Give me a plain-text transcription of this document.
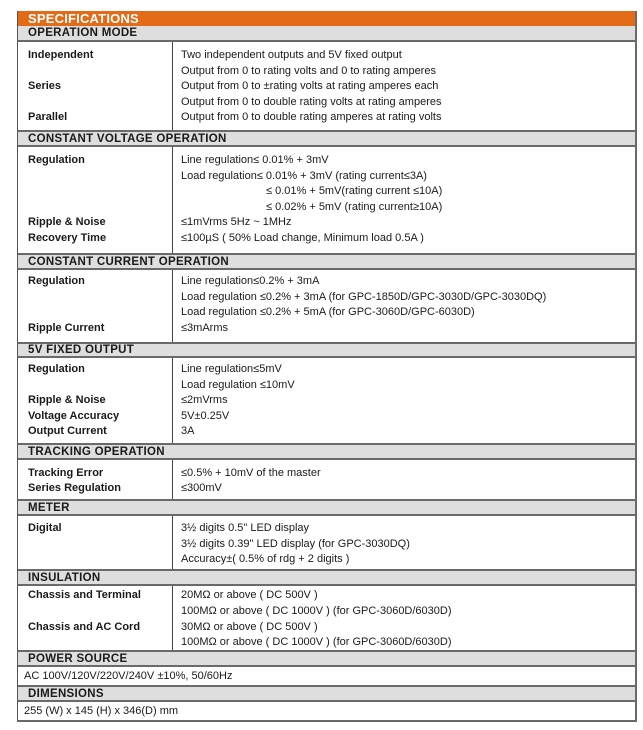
SPECIFICATIONS
OPERATION MODE
Independent
Series
Parallel
Two independent outputs and 5V fixed output
Output from 0 to rating volts and 0 to rating amperes
Output from 0 to ±rating volts at rating amperes each
Output from 0 to double rating volts at rating amperes
Output from 0 to double rating amperes at rating volts
CONSTANT VOLTAGE OPERATION
Regulation
Ripple & Noise
Recovery Time
Line regulation≤ 0.01% + 3mV
Load regulation≤ 0.01% + 3mV (rating current≤3A)
≤ 0.01% + 5mV(rating current ≤10A)
≤ 0.02% + 5mV (rating current≥10A)
≤1mVrms 5Hz ~ 1MHz
≤100µS ( 50% Load change, Minimum load 0.5A )
CONSTANT CURRENT OPERATION
Regulation
Ripple Current
Line regulation≤0.2% + 3mA
Load regulation ≤0.2% + 3mA (for GPC-1850D/GPC-3030D/GPC-3030DQ)
Load regulation ≤0.2% + 5mA (for GPC-3060D/GPC-6030D)
≤3mArms
5V FIXED OUTPUT
Regulation
Ripple & Noise
Voltage Accuracy
Output Current
Line regulation≤5mV
Load regulation ≤10mV
≤2mVrms
5V±0.25V
3A
TRACKING OPERATION
Tracking Error
Series Regulation
≤0.5% + 10mV of the master
≤300mV
METER
Digital	3½ digits 0.5" LED display
3½ digits 0.39" LED display (for GPC-3030DQ)
Accuracy±( 0.5% of rdg + 2 digits )
INSULATION
Chassis and Terminal
Chassis and AC Cord
20MΩ or above ( DC 500V )
100MΩ or above ( DC 1000V ) (for GPC-3060D/6030D)
30MΩ or above ( DC 500V )
100MΩ or above ( DC 1000V ) (for GPC-3060D/6030D)
POWER SOURCE
AC 100V/120V/220V/240V ±10%, 50/60Hz
DIMENSIONS
255 (W) x 145 (H) x 346(D) mm
